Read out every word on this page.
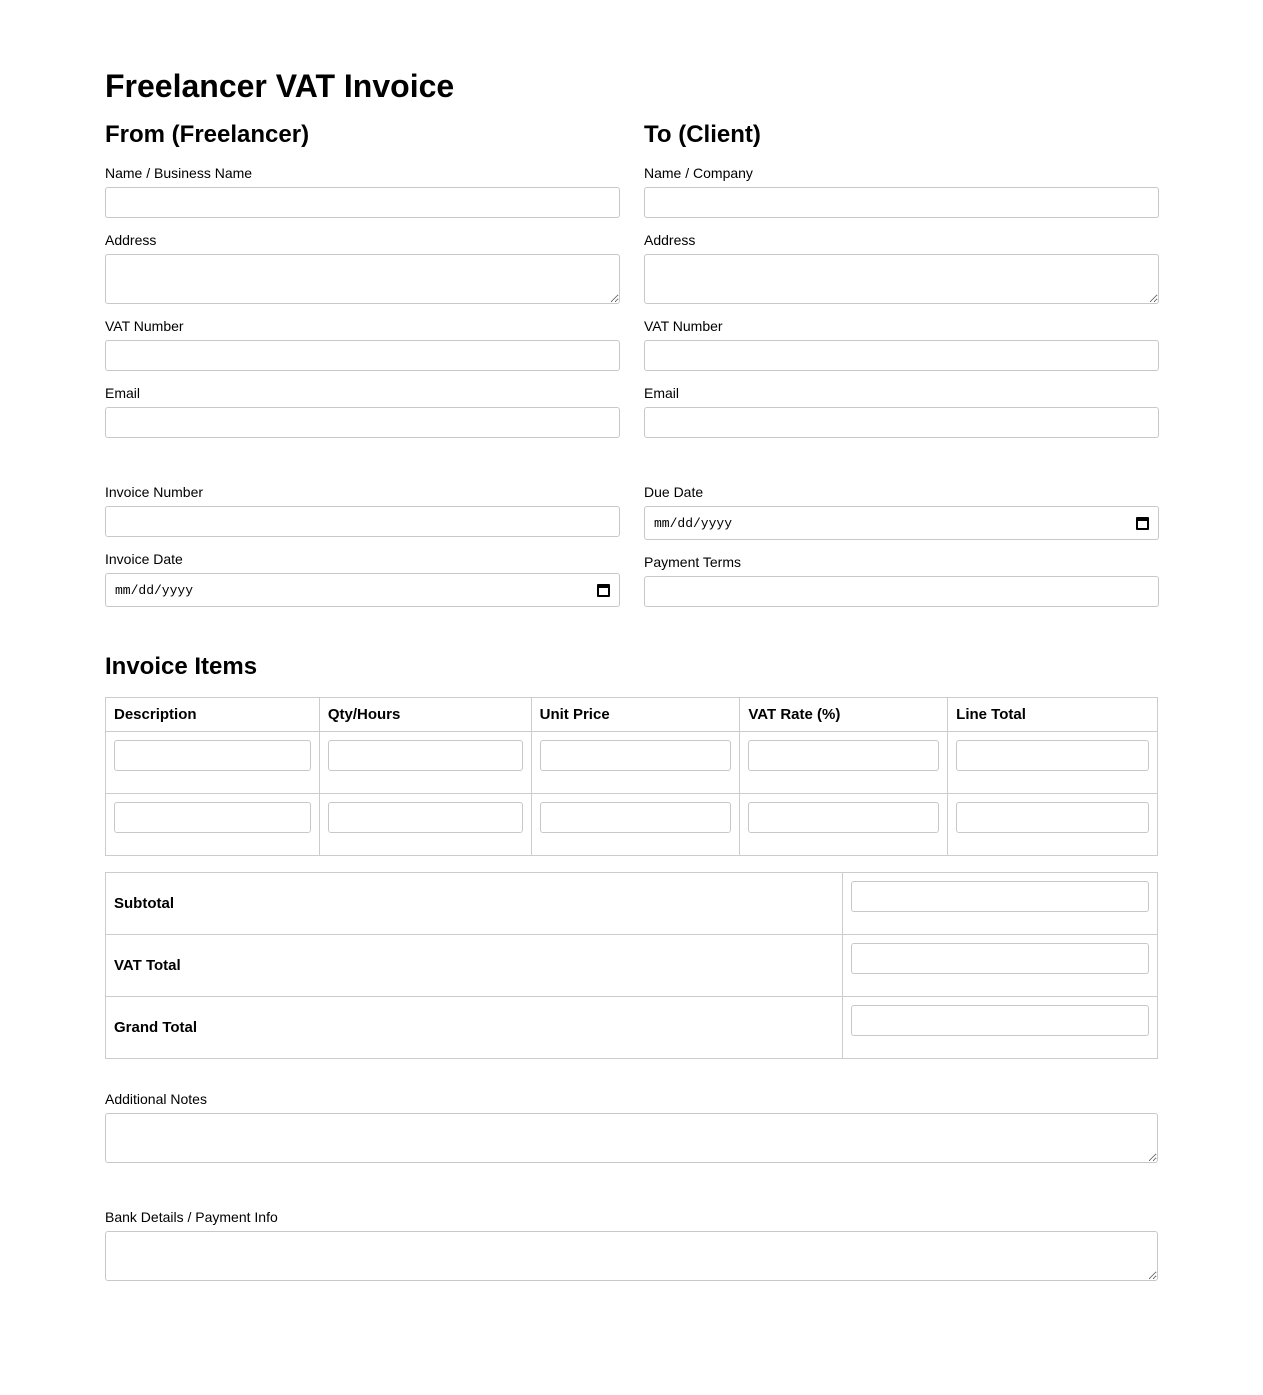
Freelancer VAT Invoice
From (Freelancer)
Name / Business Name
Address
VAT Number
Email
Invoice Number
Invoice Date
mm/dd/yyyy
To (Client)
Name / Company
Address
VAT Number
Email
Due Date
mm/dd/yyyy
Payment Terms
Invoice Items
Description	Qty/Hours	Unit Price	VAT Rate (%)	Line Total

Subtotal	
VAT Total	
Grand Total	
Additional Notes
Bank Details / Payment Info
